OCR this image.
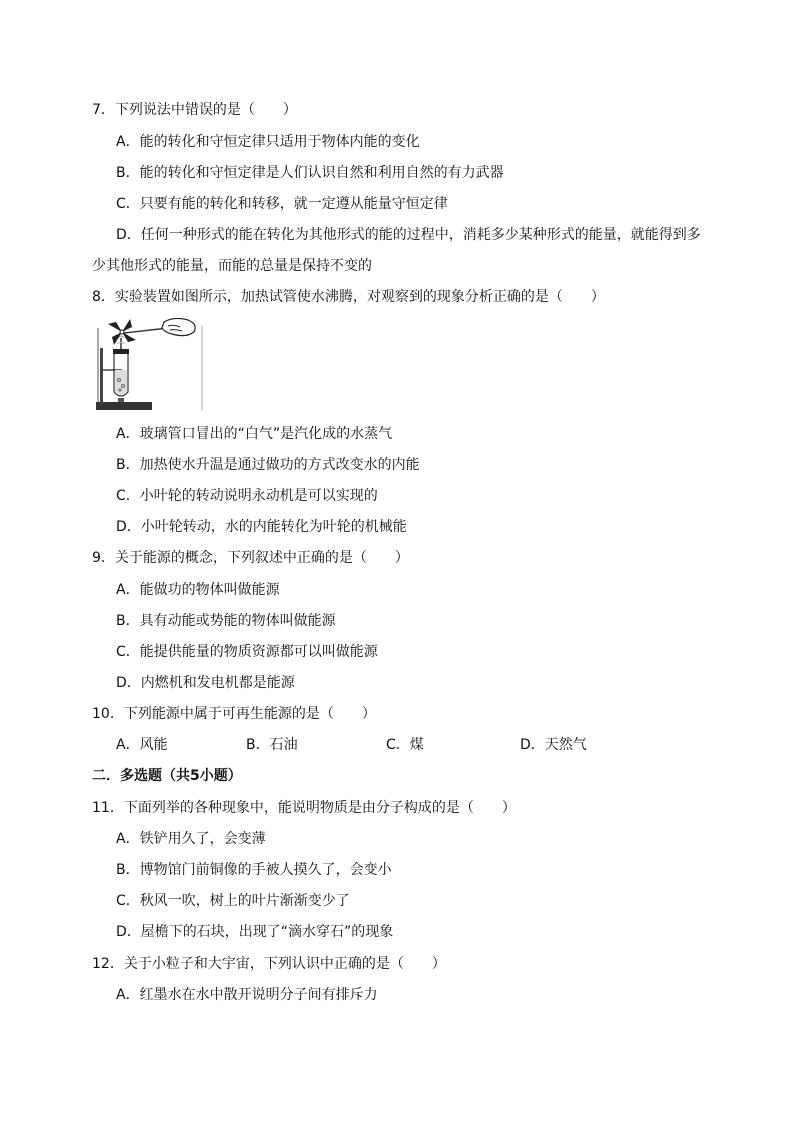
7．下列说法中错误的是（　　）
A．能的转化和守恒定律只适用于物体内能的变化
B．能的转化和守恒定律是人们认识自然和利用自然的有力武器
C．只要有能的转化和转移，就一定遵从能量守恒定律
D．任何一种形式的能在转化为其他形式的能的过程中，消耗多少某种形式的能量，就能得到多
少其他形式的能量，而能的总量是保持不变的
8．实验装置如图所示，加热试管使水沸腾，对观察到的现象分析正确的是（　　）
A．玻璃管口冒出的“白气”是汽化成的水蒸气
B．加热使水升温是通过做功的方式改变水的内能
C．小叶轮的转动说明永动机是可以实现的
D．小叶轮转动，水的内能转化为叶轮的机械能
9．关于能源的概念，下列叙述中正确的是（　　）
A．能做功的物体叫做能源
B．具有动能或势能的物体叫做能源
C．能提供能量的物质资源都可以叫做能源
D．内燃机和发电机都是能源
10．下列能源中属于可再生能源的是（　　）
A．风能	B．石油	C．煤	D．天然气
二．多选题（共5小题）
11．下面列举的各种现象中，能说明物质是由分子构成的是（　　）
A．铁铲用久了，会变薄
B．博物馆门前铜像的手被人摸久了，会变小
C．秋风一吹，树上的叶片渐渐变少了
D．屋檐下的石块，出现了“滴水穿石”的现象
12．关于小粒子和大宇宙，下列认识中正确的是（　　）
A．红墨水在水中散开说明分子间有排斥力
